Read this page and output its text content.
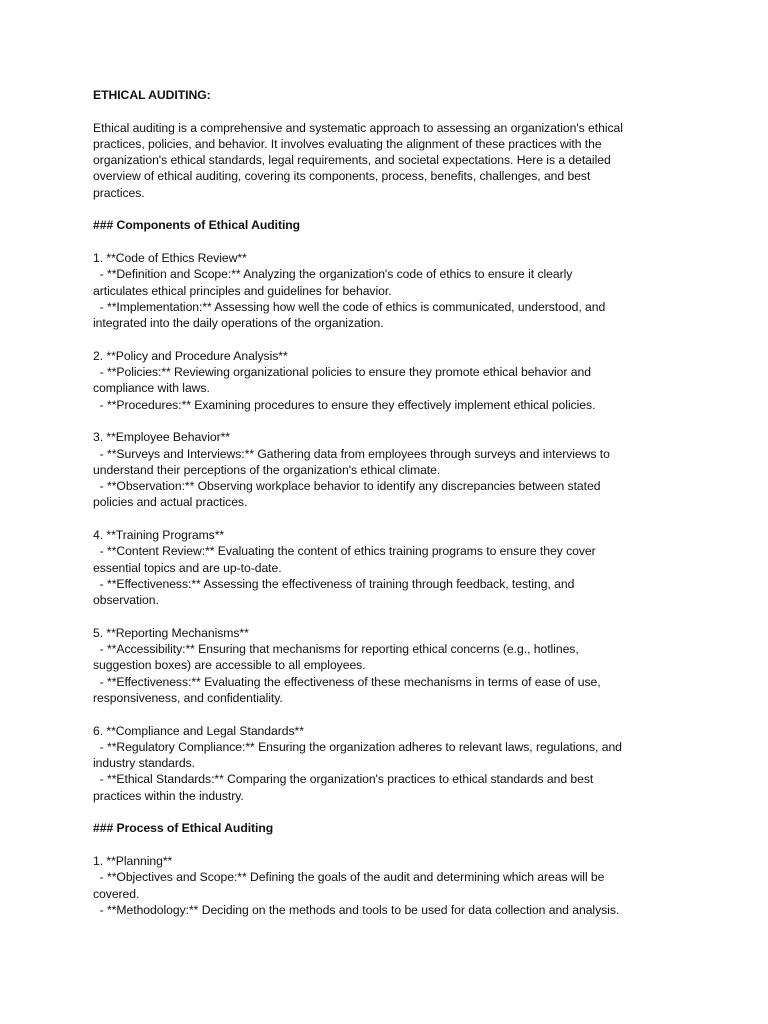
ETHICAL AUDITING:
Ethical auditing is a comprehensive and systematic approach to assessing an organization's ethical
practices, policies, and behavior. It involves evaluating the alignment of these practices with the
organization's ethical standards, legal requirements, and societal expectations. Here is a detailed
overview of ethical auditing, covering its components, process, benefits, challenges, and best
practices.
### Components of Ethical Auditing
1. **Code of Ethics Review**
- **Definition and Scope:** Analyzing the organization's code of ethics to ensure it clearly
articulates ethical principles and guidelines for behavior.
- **Implementation:** Assessing how well the code of ethics is communicated, understood, and
integrated into the daily operations of the organization.
2. **Policy and Procedure Analysis**
- **Policies:** Reviewing organizational policies to ensure they promote ethical behavior and
compliance with laws.
- **Procedures:** Examining procedures to ensure they effectively implement ethical policies.
3. **Employee Behavior**
- **Surveys and Interviews:** Gathering data from employees through surveys and interviews to
understand their perceptions of the organization's ethical climate.
- **Observation:** Observing workplace behavior to identify any discrepancies between stated
policies and actual practices.
4. **Training Programs**
- **Content Review:** Evaluating the content of ethics training programs to ensure they cover
essential topics and are up-to-date.
- **Effectiveness:** Assessing the effectiveness of training through feedback, testing, and
observation.
5. **Reporting Mechanisms**
- **Accessibility:** Ensuring that mechanisms for reporting ethical concerns (e.g., hotlines,
suggestion boxes) are accessible to all employees.
- **Effectiveness:** Evaluating the effectiveness of these mechanisms in terms of ease of use,
responsiveness, and confidentiality.
6. **Compliance and Legal Standards**
- **Regulatory Compliance:** Ensuring the organization adheres to relevant laws, regulations, and
industry standards.
- **Ethical Standards:** Comparing the organization's practices to ethical standards and best
practices within the industry.
### Process of Ethical Auditing
1. **Planning**
- **Objectives and Scope:** Defining the goals of the audit and determining which areas will be
covered.
- **Methodology:** Deciding on the methods and tools to be used for data collection and analysis.
